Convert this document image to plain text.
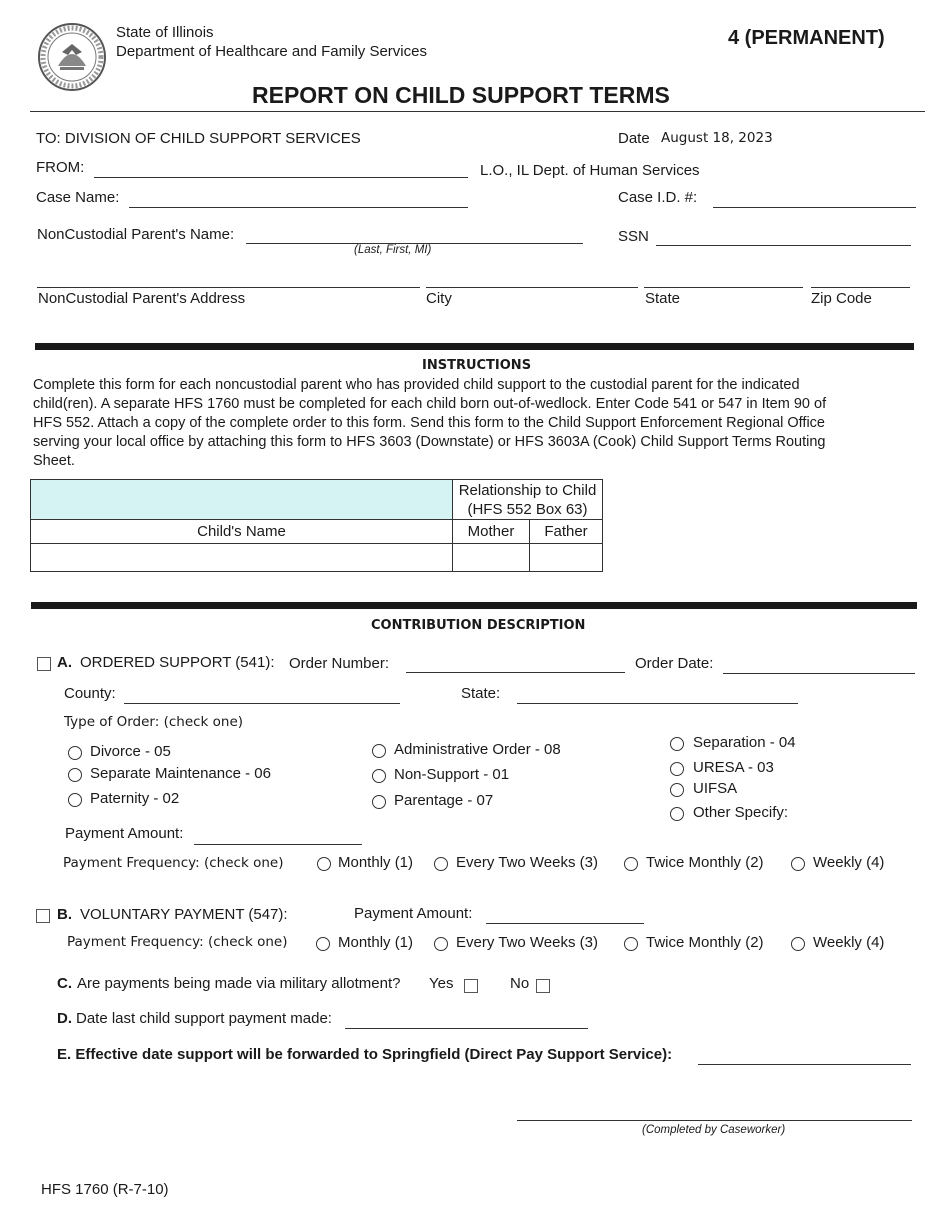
State of Illinois
Department of Healthcare and Family Services
4 (PERMANENT)
REPORT ON CHILD SUPPORT TERMS
TO: DIVISION OF CHILD SUPPORT SERVICES	Date August 18, 2023
FROM:	L.O., IL Dept. of Human Services
Case Name:	Case I.D. #:
NonCustodial Parent's Name:
(Last, First, MI)
SSN
NonCustodial Parent's Address	City	State	Zip Code
INSTRUCTIONS
Complete this form for each noncustodial parent who has provided child support to the custodial parent for the indicated
child(ren). A separate HFS 1760 must be completed for each child born out-of-wedlock. Enter Code 541 or 547 in Item 90 of
HFS 552. Attach a copy of the complete order to this form. Send this form to the Child Support Enforcement Regional Office
serving your local office by attaching this form to HFS 3603 (Downstate) or HFS 3603A (Cook) Child Support Terms Routing
Sheet.

	Relationship to Child
(HFS 552 Box 63)	

Child's Name	Mother	Father

CONTRIBUTION DESCRIPTION
A. ORDERED SUPPORT (541): Order Number:	Order Date:
County:	State:
Type of Order: (check one)
Divorce - 05
Separate Maintenance - 06
Paternity - 02
Administrative Order - 08
Non-Support - 01
Parentage - 07
Separation - 04
URESA - 03
UIFSA
Other Specify:
Payment Amount:
Payment Frequency: (check one)	Monthly (1)	Every Two Weeks (3)	Twice Monthly (2)	Weekly (4)
B. VOLUNTARY PAYMENT (547):	Payment Amount:
Payment Frequency: (check one)	Monthly (1)	Every Two Weeks (3)	Twice Monthly (2)	Weekly (4)
C. Are payments being made via military allotment? Yes	No
D. Date last child support payment made:
E. Effective date support will be forwarded to Springfield (Direct Pay Support Service):
(Completed by Caseworker)
HFS 1760 (R-7-10)
